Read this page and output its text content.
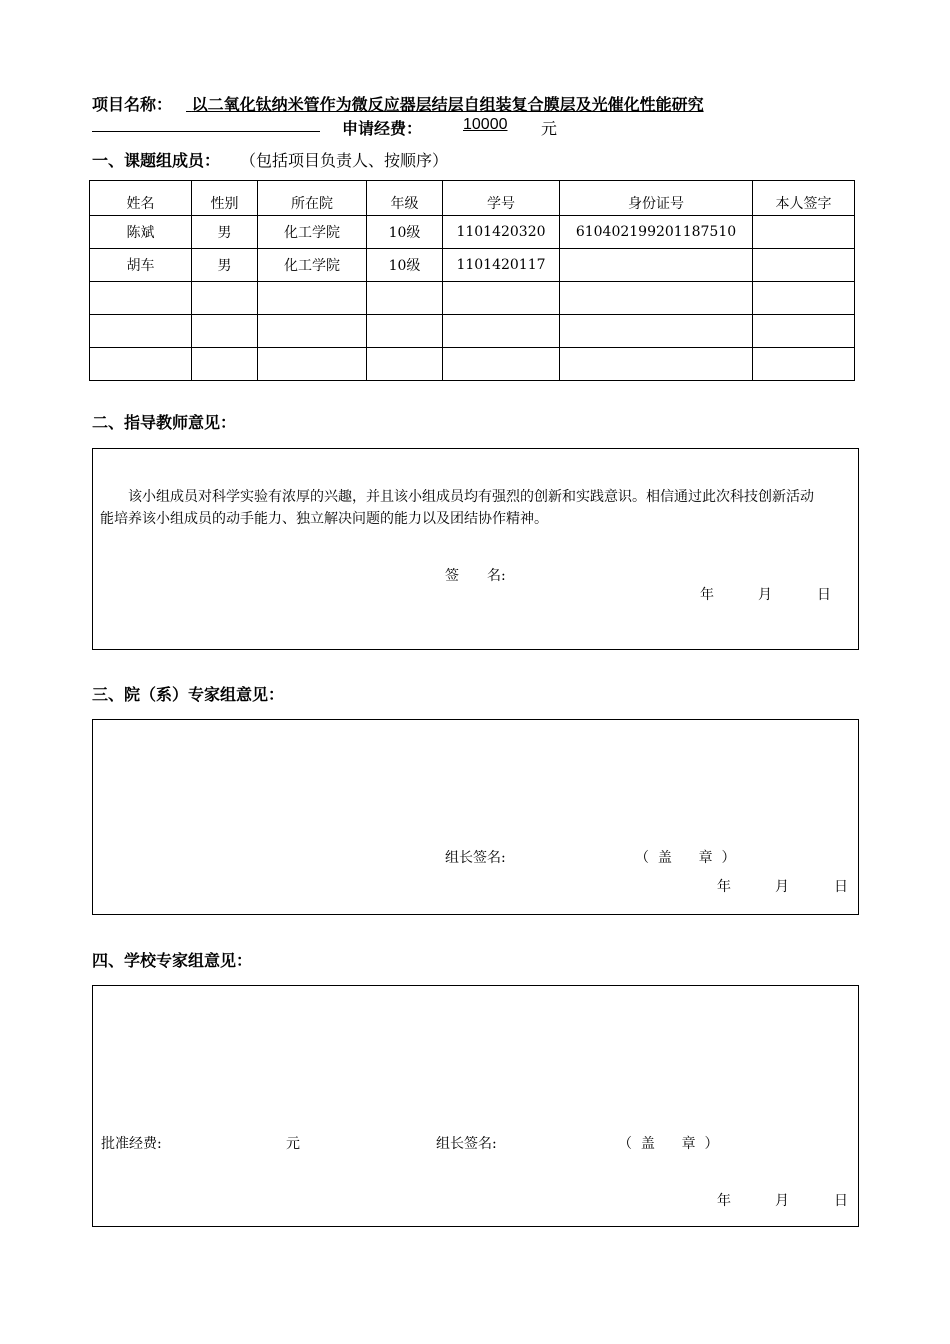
项目名称：	以二氧化钛纳米管作为微反应器层结层自组装复合膜层及光催化性能研究
申请经费：	10000	元
一、课题组成员： （包括项目负责人、按顺序）
姓名	性别	所在院	年级	学号	身份证号	本人签字
陈斌	男	化工学院	10级	1101420320	610402199201187510	
胡车	男	化工学院	10级	1101420117		

二、指导教师意见：
该小组成员对科学实验有浓厚的兴趣，并且该小组成员均有强烈的创新和实践意识。相信通过此次科技创新活动能培养该小组成员的动手能力、独立解决问题的能力以及团结协作精神。
签　　名:
年	月	日
三、院（系）专家组意见：
组长签名:	（  盖      章  ）
年	月	日
四、学校专家组意见：
批准经费:	元	组长签名:	（  盖      章  ）
年	月	日
